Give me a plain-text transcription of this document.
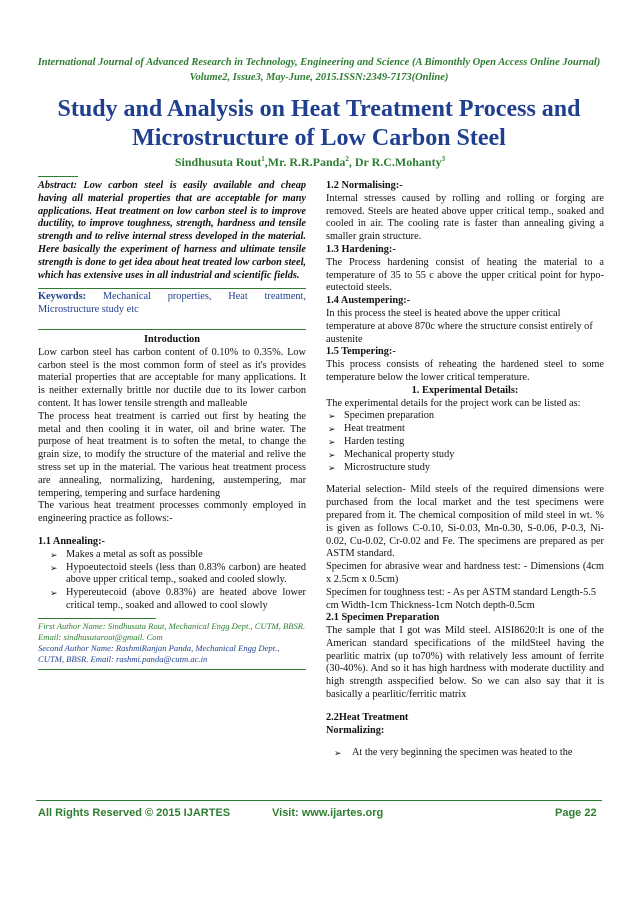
International Journal of Advanced Research in Technology, Engineering and Science (A Bimonthly Open Access Online Journal) Volume2, Issue3, May-June, 2015.ISSN:2349-7173(Online)
Study and Analysis on Heat Treatment Process and Microstructure of Low Carbon Steel
Sindhusuta Rout$^1$,Mr. R.R.Panda$^2$, Dr R.C.Mohanty$^3$

Abstract: Low carbon steel is easily available and cheap having all material properties that are acceptable for many applications. Heat treatment on low carbon steel is to improve ductility, to improve toughness, strength, hardness and tensile strength and to relive internal stress developed in the material. Here basically the experiment of harness and ultimate tensile strength is done to get idea about heat treated low carbon steel, which has extensive uses in all industrial and scientific fields.

Keywords: Mechanical properties, Heat treatment, Microstructure study etc

Introduction

Low carbon steel has carbon content of 0.10% to 0.35%. Low carbon steel is the most common form of steel as it's provides material properties that are acceptable for many applications. It is neither externally brittle nor ductile due to its lower carbon content. It has lower tensile strength and malleable

The process heat treatment is carried out first by heating the metal and then cooling it in water, oil and brine water. The purpose of heat treatment is to soften the metal, to change the grain size, to modify the structure of the material and relive the stress set up in the material. The various heat treatment process are annealing, normalizing, hardening, austempering, mar tempering, tempering and surface hardening

The various heat treatment processes commonly employed in engineering practice as follows:-

1.1 Annealing:-

➢ Makes a metal as soft as possible
➢ Hypoeutectoid steels (less than 0.83% carbon) are heated above upper critical temp., soaked and cooled slowly.
➢ Hypereutecoid (above 0.83%) are heated above lower critical temp., soaked and allowed to cool slowly
First Author Name: Sindhusuta Rout, Mechanical Engg Dept., CUTM, BBSR. Email: sindhusutarout@gmail. Com
Second Author Name: RashmiRanjan Panda, Mechanical Engg Dept., CUTM, BBSR. Email: rashmi.panda@cutm.ac.in

1.2 Normalising:-

Internal stresses caused by rolling and rolling or forging are removed. Steels are heated above upper critical temp., soaked and cooled in air. The cooling rate is faster than annealing giving a smaller grain structure.

1.3 Hardening:-

The Process hardening consist of heating the material to a temperature of 35 to 55 c above the upper critical point for hypo-eutectoid steels.

1.4 Austempering:-

In this process the steel is heated above the upper critical temperature at above 870c where the structure consist entirely of austenite

1.5 Tempering:-

This process consists of reheating the hardened steel to some temperature below the lower critical temperature.

1. Experimental Details:

The experimental details for the project work can be listed as:

➢ Specimen preparation
➢ Heat treatment
➢ Harden testing
➢ Mechanical property study
➢ Microstructure study

Material selection- Mild steels of the required dimensions were purchased from the local market and the test specimens were prepared from it. The chemical composition of mild steel in wt. % is given as follows C-0.10, Si-0.03, Mn-0.30, S-0.06, P-0.3, Ni- 0.02, Cu-0.02, Cr-0.02 and Fe. The specimens are prepared as per ASTM standard.

Specimen for abrasive wear and hardness test: - Dimensions (4cm x 2.5cm x 0.5cm)

Specimen for toughness test: - As per ASTM standard Length-5.5 cm Width-1cm Thickness-1cm Notch depth-0.5cm

2.1 Specimen Preparation

The sample that I got was Mild steel. AISI8620:It is one of the American standard specifications of the mildSteel having the pearlitic matrix (up to70%) with relatively less amount of ferrite (30-40%). And so it has high hardness with moderate ductility and high strength asspecified below. So we can also say that it is basically a pearlitic/ferritic matrix

2.2Heat Treatment

Normalizing:

➢ At the very beginning the specimen was heated to the
All Rights Reserved © 2015 IJARTES	Visit: www.ijartes.org	Page 22
